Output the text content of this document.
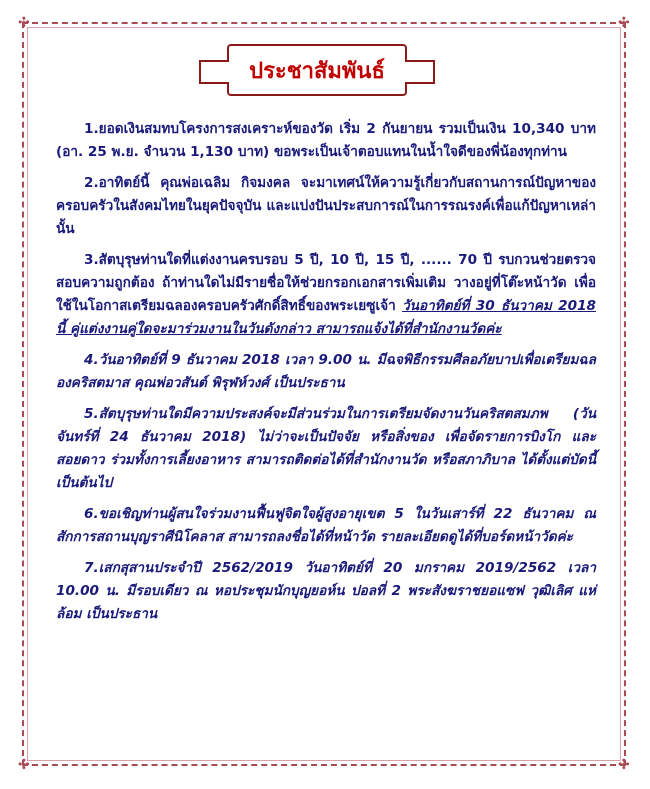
✣	✣
✣	✣
ประชาสัมพันธ์

1.ยอดเงินสมทบโครงการสงเคราะห์ของวัด เริ่ม 2 กันยายน รวมเป็นเงิน 10,340 บาท (อา. 25 พ.ย. จำนวน 1,130 บาท) ขอพระเป็นเจ้าตอบแทนในน้ำใจดีของพี่น้องทุกท่าน

2.อาทิตย์นี้ คุณพ่อเฉลิม กิจมงคล จะมาเทศน์ให้ความรู้เกี่ยวกับสถานการณ์ปัญหาของครอบครัวในสังคมไทยในยุคปัจจุบัน และแบ่งปันประสบการณ์ในการรณรงค์เพื่อแก้ปัญหาเหล่านั้น

3.สัตบุรุษท่านใดที่แต่งงานครบรอบ 5 ปี, 10 ปี, 15 ปี, ...... 70 ปี รบกวนช่วยตรวจสอบความถูกต้อง ถ้าท่านใดไม่มีรายชื่อให้ช่วยกรอกเอกสารเพิ่มเติม วางอยู่ที่โต๊ะหน้าวัด เพื่อใช้ในโอกาสเตรียมฉลองครอบครัวศักดิ์สิทธิ์ของพระเยซูเจ้า วันอาทิตย์ที่ 30 ธันวาคม 2018 นี้ คู่แต่งงานคู่ใดจะมาร่วมงานในวันดังกล่าว สามารถแจ้งได้ที่สำนักงานวัดค่ะ

4.วันอาทิตย์ที่ 9 ธันวาคม 2018 เวลา 9.00 น. มีฉจพิธีกรรมศีลอภัยบาปเพื่อเตรียมฉลองคริสตมาส คุณพ่อวสันต์ พิรุฬห์วงศ์ เป็นประธาน

5.สัตบุรุษท่านใดมีความประสงค์จะมีส่วนร่วมในการเตรียมจัดงานวันคริสตสมภพ (วันจันทร์ที่ 24 ธันวาคม 2018) ไม่ว่าจะเป็นปัจจัย หรือสิ่งของ เพื่อจัดรายการบิงโก และสอยดาว ร่วมทั้งการเลี้ยงอาหาร สามารถติดต่อได้ที่สำนักงานวัด หรือสภาภิบาล ได้ตั้งแต่บัดนี้เป็นต้นไป

6.ขอเชิญท่านผู้สนใจร่วมงานฟื้นฟูจิตใจผู้สูงอายุเขต 5 ในวันเสาร์ที่ 22 ธันวาคม ณ สักการสถานบุญราศีนิโคลาส สามารถลงชื่อได้ที่หน้าวัด รายละเอียดดูได้ที่บอร์ดหน้าวัดค่ะ

7.เสกสุสานประจำปี 2562/2019 วันอาทิตย์ที่ 20 มกราคม 2019/2562 เวลา 10.00 น. มีรอบเดียว ณ หอประชุมนักบุญยอห์น ปอลที่ 2 พระสังฆราชยอแซฟ วุฒิเลิศ แห่ล้อม เป็นประธาน
